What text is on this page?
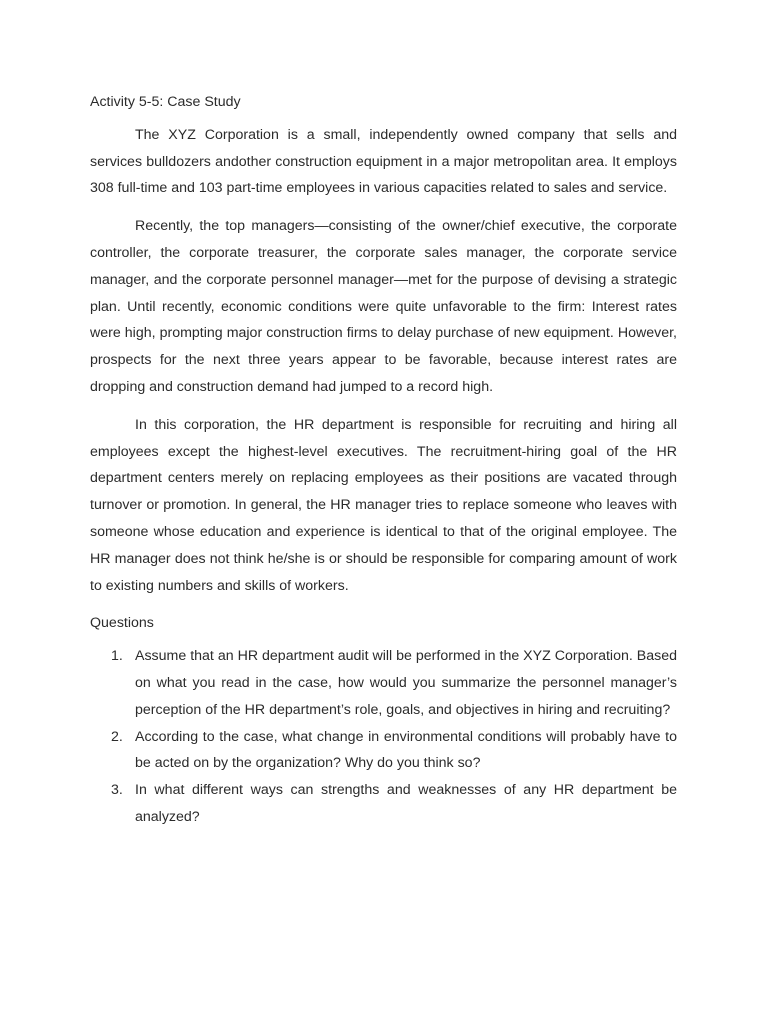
Activity 5-5: Case Study

The XYZ Corporation is a small, independently owned company that sells and services bulldozers andother construction equipment in a major metropolitan area. It employs 308 full-time and 103 part-time employees in various capacities related to sales and service.

Recently, the top managers—consisting of the owner/chief executive, the corporate controller, the corporate treasurer, the corporate sales manager, the corporate service manager, and the corporate personnel manager—met for the purpose of devising a strategic plan. Until recently, economic conditions were quite unfavorable to the firm: Interest rates were high, prompting major construction firms to delay purchase of new equipment. However, prospects for the next three years appear to be favorable, because interest rates are dropping and construction demand had jumped to a record high.

In this corporation, the HR department is responsible for recruiting and hiring all employees except the highest-level executives. The recruitment-hiring goal of the HR department centers merely on replacing employees as their positions are vacated through turnover or promotion. In general, the HR manager tries to replace someone who leaves with someone whose education and experience is identical to that of the original employee. The HR manager does not think he/she is or should be responsible for comparing amount of work to existing numbers and skills of workers.

Questions

1. Assume that an HR department audit will be performed in the XYZ Corporation. Based on what you read in the case, how would you summarize the personnel manager’s perception of the HR department’s role, goals, and objectives in hiring and recruiting?
2. According to the case, what change in environmental conditions will probably have to be acted on by the organization? Why do you think so?
3. In what different ways can strengths and weaknesses of any HR department be analyzed?
